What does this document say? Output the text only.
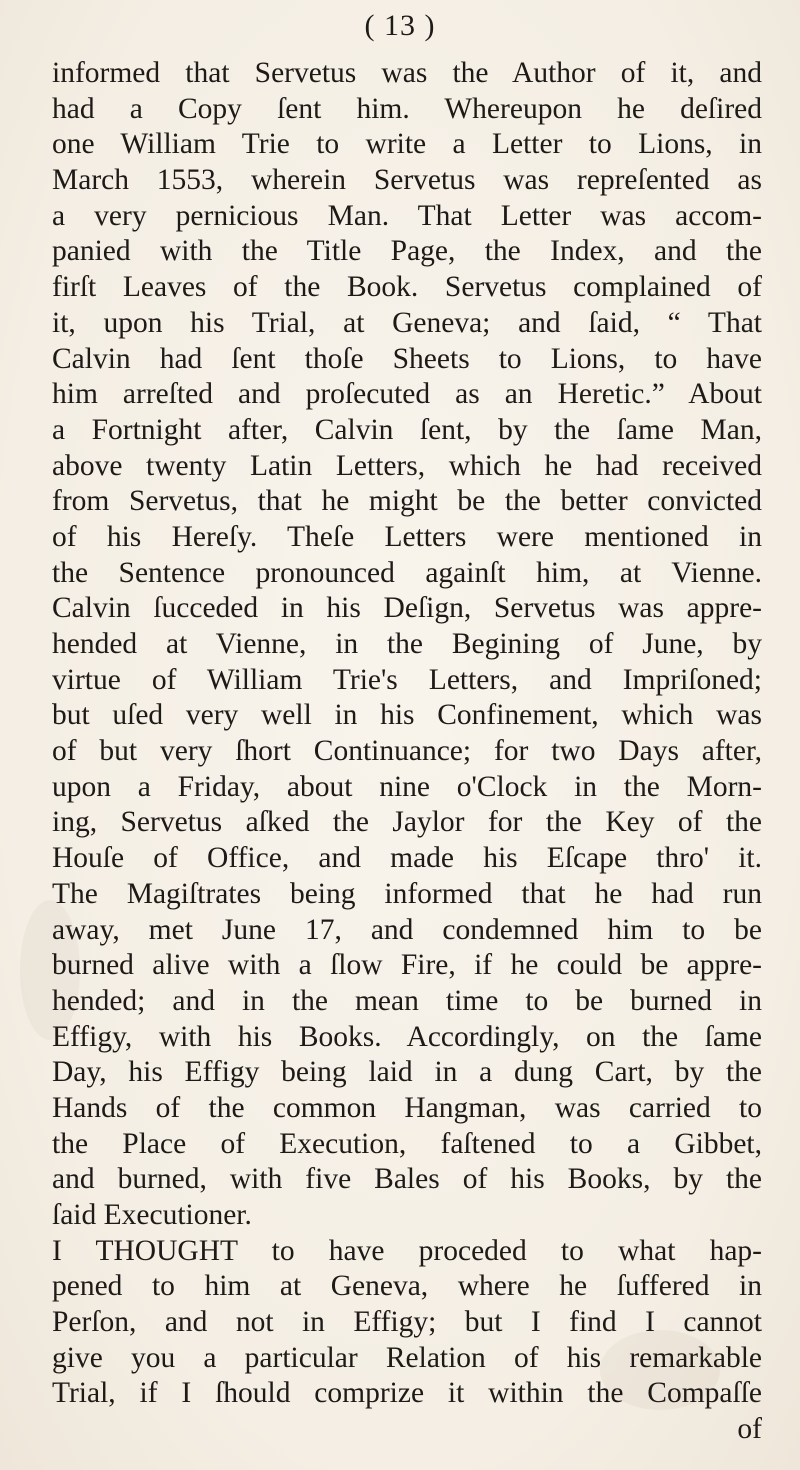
( 13 )
informed that Servetus was the Author of it, and
had a Copy ſent him. Whereupon he deſired
one William Trie to write a Letter to Lions, in
March 1553, wherein Servetus was repreſented as
a very pernicious Man. That Letter was accom-
panied with the Title Page, the Index, and the
firſt Leaves of the Book. Servetus complained of
it, upon his Trial, at Geneva; and ſaid, “ That
Calvin had ſent thoſe Sheets to Lions, to have
him arreſted and proſecuted as an Heretic.” About
a Fortnight after, Calvin ſent, by the ſame Man,
above twenty Latin Letters, which he had received
from Servetus, that he might be the better convicted
of his Hereſy. Theſe Letters were mentioned in
the Sentence pronounced againſt him, at Vienne.
Calvin ſucceded in his Deſign, Servetus was appre-
hended at Vienne, in the Begining of June, by
virtue of William Trie's Letters, and Impriſoned;
but uſed very well in his Confinement, which was
of but very ſhort Continuance; for two Days after,
upon a Friday, about nine o'Clock in the Morn-
ing, Servetus aſked the Jaylor for the Key of the
Houſe of Office, and made his Eſcape thro' it.
The Magiſtrates being informed that he had run
away, met June 17, and condemned him to be
burned alive with a ſlow Fire, if he could be appre-
hended; and in the mean time to be burned in
Effigy, with his Books. Accordingly, on the ſame
Day, his Effigy being laid in a dung Cart, by the
Hands of the common Hangman, was carried to
the Place of Execution, faſtened to a Gibbet,
and burned, with five Bales of his Books, by the
ſaid Executioner.
I THOUGHT to have proceded to what hap-
pened to him at Geneva, where he ſuffered in
Perſon, and not in Effigy; but I find I cannot
give you a particular Relation of his remarkable
Trial, if I ſhould comprize it within the Compaſſe
of
